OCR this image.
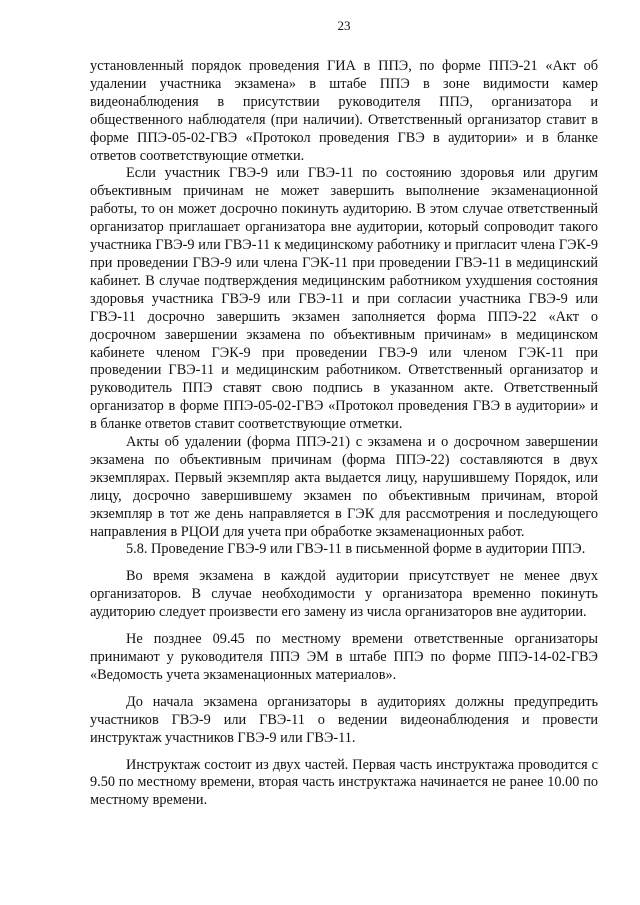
23

установленный порядок проведения ГИА в ППЭ, по форме ППЭ-21 «Акт об удалении участника экзамена» в штабе ППЭ в зоне видимости камер видеонаблюдения в присутствии руководителя ППЭ, организатора и общественного наблюдателя (при наличии). Ответственный организатор ставит в форме ППЭ-05-02-ГВЭ «Протокол проведения ГВЭ в аудитории» и в бланке ответов соответствующие отметки.

Если участник ГВЭ-9 или ГВЭ-11 по состоянию здоровья или другим объективным причинам не может завершить выполнение экзаменационной работы, то он может досрочно покинуть аудиторию. В этом случае ответственный организатор приглашает организатора вне аудитории, который сопроводит такого участника ГВЭ-9 или ГВЭ-11 к медицинскому работнику и пригласит члена ГЭК-9 при проведении ГВЭ-9 или члена ГЭК-11 при проведении ГВЭ-11 в медицинский кабинет. В случае подтверждения медицинским работником ухудшения состояния здоровья участника ГВЭ-9 или ГВЭ-11 и при согласии участника ГВЭ-9 или ГВЭ-11 досрочно завершить экзамен заполняется форма ППЭ-22 «Акт о досрочном завершении экзамена по объективным причинам» в медицинском кабинете членом ГЭК-9 при проведении ГВЭ-9 или членом ГЭК-11 при проведении ГВЭ-11 и медицинским работником. Ответственный организатор и руководитель ППЭ ставят свою подпись в указанном акте. Ответственный организатор в форме ППЭ-05-02-ГВЭ «Протокол проведения ГВЭ в аудитории» и в бланке ответов ставит соответствующие отметки.

Акты об удалении (форма ППЭ-21) с экзамена и о досрочном завершении экзамена по объективным причинам (форма ППЭ-22) составляются в двух экземплярах. Первый экземпляр акта выдается лицу, нарушившему Порядок, или лицу, досрочно завершившему экзамен по объективным причинам, второй экземпляр в тот же день направляется в ГЭК для рассмотрения и последующего направления в РЦОИ для учета при обработке экзаменационных работ.

5.8. Проведение ГВЭ-9 или ГВЭ-11 в письменной форме в аудитории ППЭ.

Во время экзамена в каждой аудитории присутствует не менее двух организаторов. В случае необходимости у организатора временно покинуть аудиторию следует произвести его замену из числа организаторов вне аудитории.

Не позднее 09.45 по местному времени ответственные организаторы принимают у руководителя ППЭ ЭМ в штабе ППЭ по форме ППЭ-14-02-ГВЭ «Ведомость учета экзаменационных материалов».

До начала экзамена организаторы в аудиториях должны предупредить участников ГВЭ-9 или ГВЭ-11 о ведении видеонаблюдения и провести инструктаж участников ГВЭ-9 или ГВЭ-11.

Инструктаж состоит из двух частей. Первая часть инструктажа проводится с 9.50 по местному времени, вторая часть инструктажа начинается не ранее 10.00 по местному времени.
